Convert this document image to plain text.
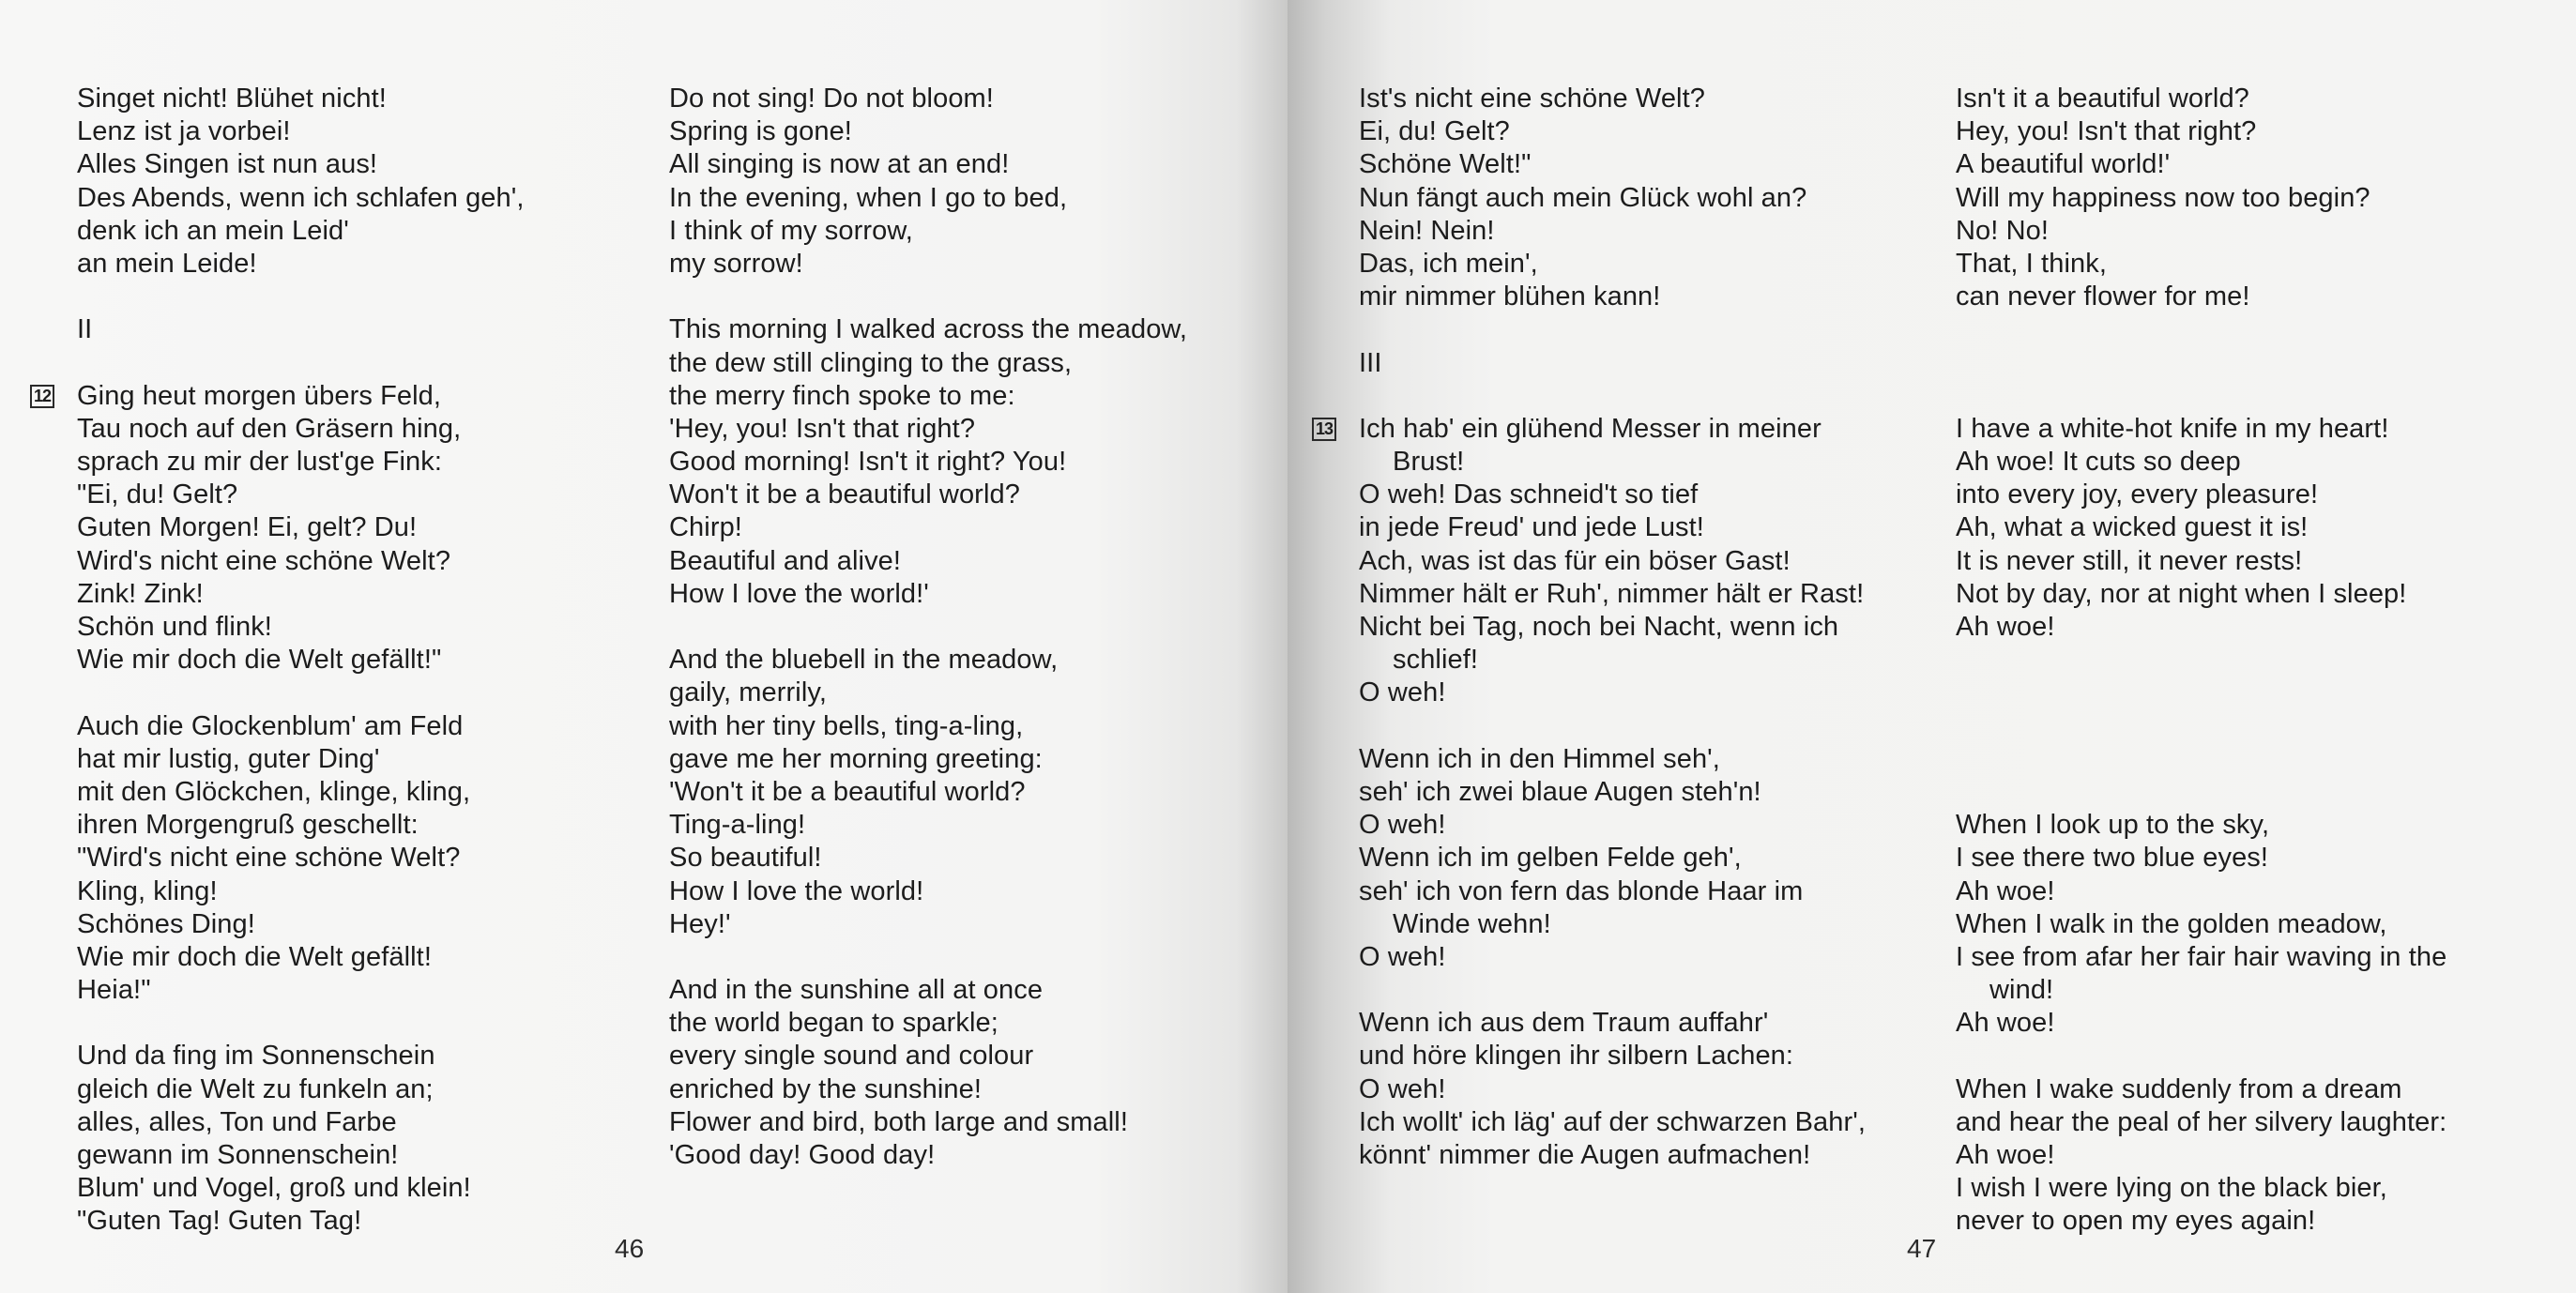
Singet nicht! Blühet nicht!
Lenz ist ja vorbei!
Alles Singen ist nun aus!
Des Abends, wenn ich schlafen geh',
denk ich an mein Leid'
an mein Leide!
II
12 Ging heut morgen übers Feld,
Tau noch auf den Gräsern hing,
sprach zu mir der lust'ge Fink:
"Ei, du! Gelt?
Guten Morgen! Ei, gelt? Du!
Wird's nicht eine schöne Welt?
Zink! Zink!
Schön und flink!
Wie mir doch die Welt gefällt!"
Auch die Glockenblum' am Feld
hat mir lustig, guter Ding'
mit den Glöckchen, klinge, kling,
ihren Morgengruß geschellt:
"Wird's nicht eine schöne Welt?
Kling, kling!
Schönes Ding!
Wie mir doch die Welt gefällt!
Heia!"
Und da fing im Sonnenschein
gleich die Welt zu funkeln an;
alles, alles, Ton und Farbe
gewann im Sonnenschein!
Blum' und Vogel, groß und klein!
"Guten Tag! Guten Tag!
Do not sing! Do not bloom!
Spring is gone!
All singing is now at an end!
In the evening, when I go to bed,
I think of my sorrow,
my sorrow!
This morning I walked across the meadow,
the dew still clinging to the grass,
the merry finch spoke to me:
'Hey, you! Isn't that right?
Good morning! Isn't it right? You!
Won't it be a beautiful world?
Chirp!
Beautiful and alive!
How I love the world!'
And the bluebell in the meadow,
gaily, merrily,
with her tiny bells, ting-a-ling,
gave me her morning greeting:
'Won't it be a beautiful world?
Ting-a-ling!
So beautiful!
How I love the world!
Hey!'
And in the sunshine all at once
the world began to sparkle;
every single sound and colour
enriched by the sunshine!
Flower and bird, both large and small!
'Good day! Good day!
46
Ist's nicht eine schöne Welt?
Ei, du! Gelt?
Schöne Welt!"
Nun fängt auch mein Glück wohl an?
Nein! Nein!
Das, ich mein',
mir nimmer blühen kann!
III
13 Ich hab' ein glühend Messer in meiner
Brust!
O weh! Das schneid't so tief
in jede Freud' und jede Lust!
Ach, was ist das für ein böser Gast!
Nimmer hält er Ruh', nimmer hält er Rast!
Nicht bei Tag, noch bei Nacht, wenn ich
schlief!
O weh!
Wenn ich in den Himmel seh',
seh' ich zwei blaue Augen steh'n!
O weh!
Wenn ich im gelben Felde geh',
seh' ich von fern das blonde Haar im
Winde wehn!
O weh!
Wenn ich aus dem Traum auffahr'
und höre klingen ihr silbern Lachen:
O weh!
Ich wollt' ich läg' auf der schwarzen Bahr',
könnt' nimmer die Augen aufmachen!
Isn't it a beautiful world?
Hey, you! Isn't that right?
A beautiful world!'
Will my happiness now too begin?
No! No!
That, I think,
can never flower for me!
I have a white-hot knife in my heart!
Ah woe! It cuts so deep
into every joy, every pleasure!
Ah, what a wicked guest it is!
It is never still, it never rests!
Not by day, nor at night when I sleep!
Ah woe!
When I look up to the sky,
I see there two blue eyes!
Ah woe!
When I walk in the golden meadow,
I see from afar her fair hair waving in the
wind!
Ah woe!
When I wake suddenly from a dream
and hear the peal of her silvery laughter:
Ah woe!
I wish I were lying on the black bier,
never to open my eyes again!
47
